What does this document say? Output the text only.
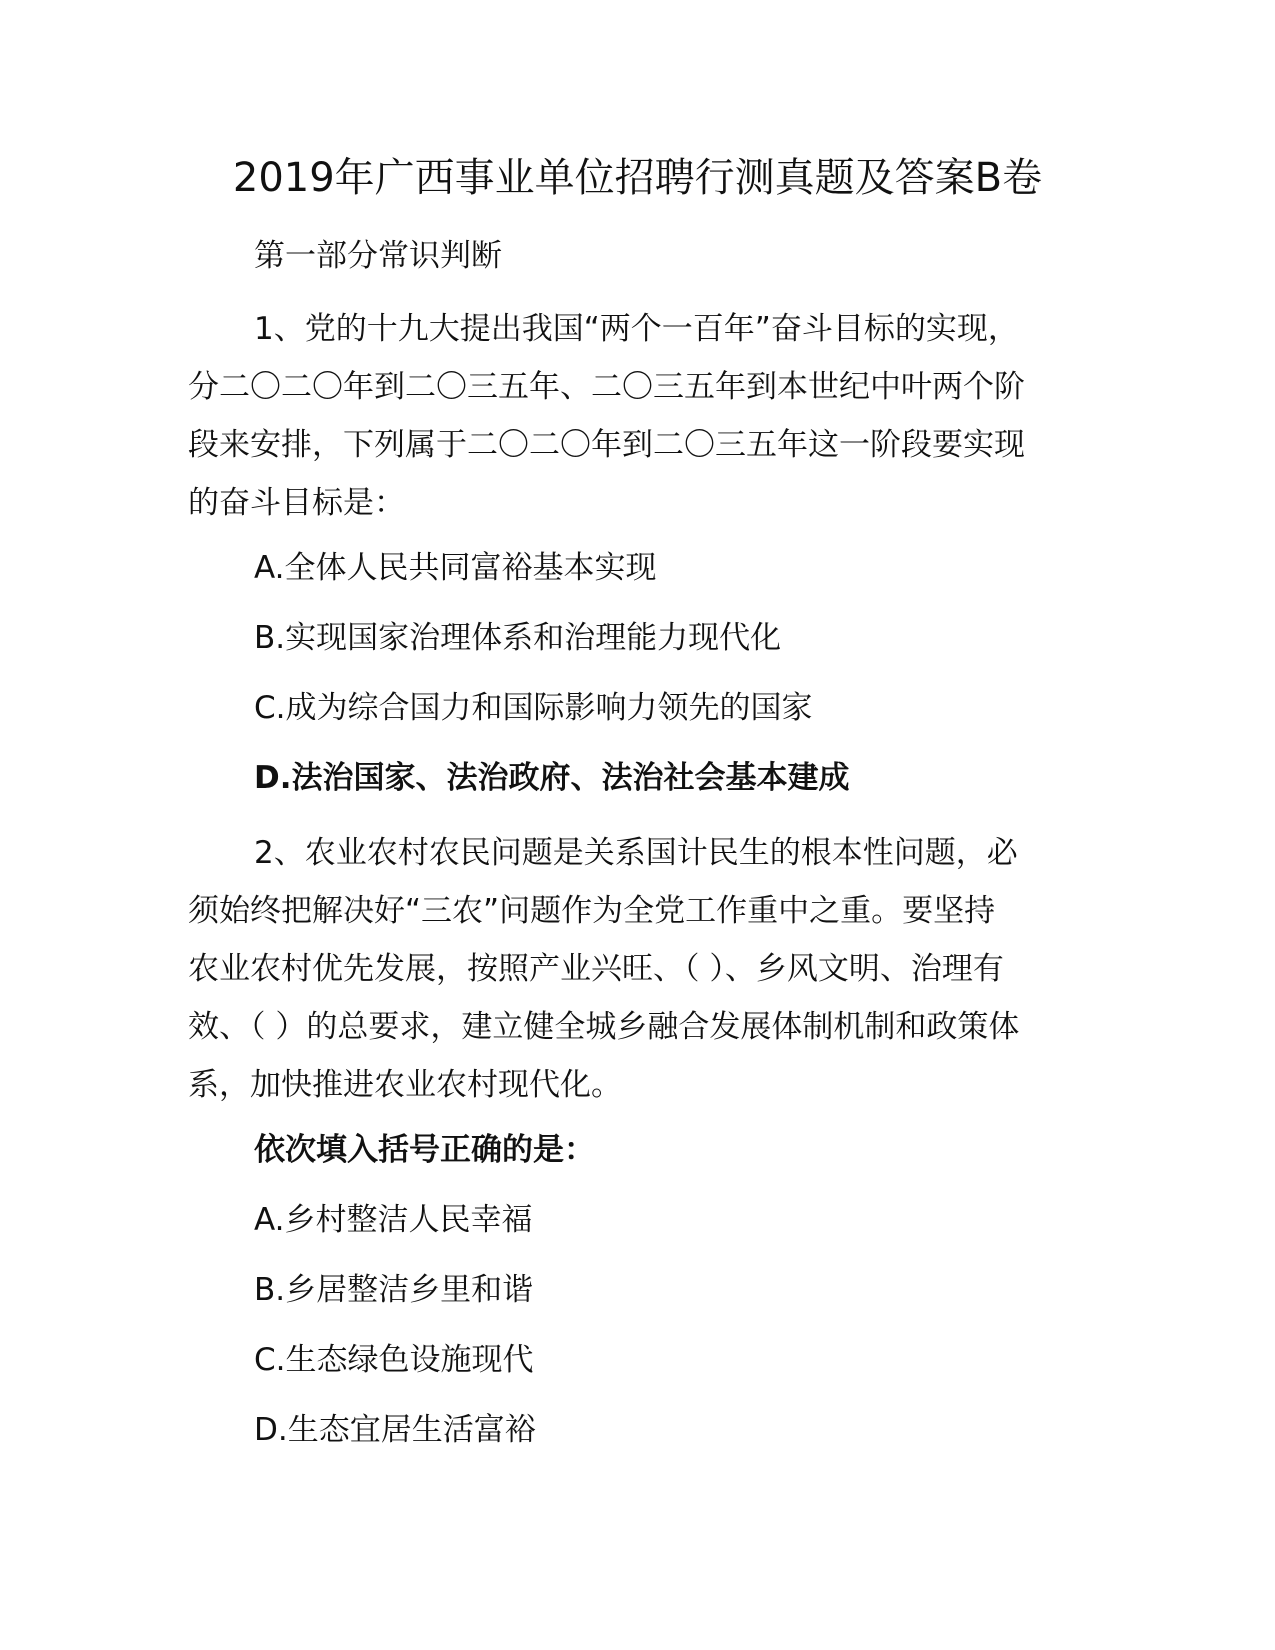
2019年广西事业单位招聘行测真题及答案B卷

第一部分常识判断

1、党的十九大提出我国“两个一百年”奋斗目标的实现，
分二〇二〇年到二〇三五年、二〇三五年到本世纪中叶两个阶
段来安排，下列属于二〇二〇年到二〇三五年这一阶段要实现
的奋斗目标是：

A.全体人民共同富裕基本实现

B.实现国家治理体系和治理能力现代化

C.成为综合国力和国际影响力领先的国家

D.法治国家、法治政府、法治社会基本建成

2、农业农村农民问题是关系国计民生的根本性问题，必
须始终把解决好“三农”问题作为全党工作重中之重。要坚持
农业农村优先发展，按照产业兴旺、（ ）、乡风文明、治理有
效、（ ）的总要求，建立健全城乡融合发展体制机制和政策体
系，加快推进农业农村现代化。

依次填入括号正确的是：

A.乡村整洁人民幸福

B.乡居整洁乡里和谐

C.生态绿色设施现代

D.生态宜居生活富裕
